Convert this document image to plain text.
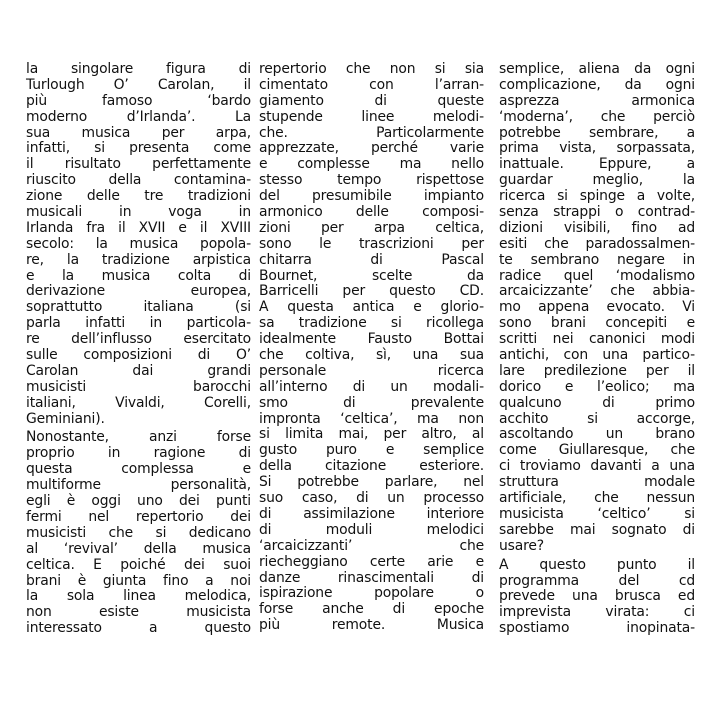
la singolare figura di
Turlough O’ Carolan, il
più famoso ‘bardo
moderno d’Irlanda’. La
sua musica per arpa,
infatti, si presenta come
il risultato perfettamente
riuscito della contamina-
zione delle tre tradizioni
musicali in voga in
Irlanda fra il XVII e il XVIII
secolo: la musica popola-
re, la tradizione arpistica
e la musica colta di
derivazione europea,
soprattutto italiana (si
parla infatti in particola-
re dell’influsso esercitato
sulle composizioni di O’
Carolan dai grandi
musicisti barocchi
italiani, Vivaldi, Corelli,
Geminiani).
Nonostante, anzi forse
proprio in ragione di
questa complessa e
multiforme personalità,
egli è oggi uno dei punti
fermi nel repertorio dei
musicisti che si dedicano
al ‘revival’ della musica
celtica. E poiché dei suoi
brani è giunta fino a noi
la sola linea melodica,
non esiste musicista
interessato a questo
repertorio che non si sia
cimentato con l’arran-
giamento di queste
stupende linee melodi-
che. Particolarmente
apprezzate, perché varie
e complesse ma nello
stesso tempo rispettose
del presumibile impianto
armonico delle composi-
zioni per arpa celtica,
sono le trascrizioni per
chitarra di Pascal
Bournet, scelte da
Barricelli per questo CD.
A questa antica e glorio-
sa tradizione si ricollega
idealmente Fausto Bottai
che coltiva, sì, una sua
personale ricerca
all’interno di un modali-
smo di prevalente
impronta ‘celtica’, ma non
si limita mai, per altro, al
gusto puro e semplice
della citazione esteriore.
Si potrebbe parlare, nel
suo caso, di un processo
di assimilazione interiore
di moduli melodici
‘arcaicizzanti’ che
riecheggiano certe arie e
danze rinascimentali di
ispirazione popolare o
forse anche di epoche
più remote. Musica
semplice, aliena da ogni
complicazione, da ogni
asprezza armonica
‘moderna’, che perciò
potrebbe sembrare, a
prima vista, sorpassata,
inattuale. Eppure, a
guardar meglio, la
ricerca si spinge a volte,
senza strappi o contrad-
dizioni visibili, fino ad
esiti che paradossalmen-
te sembrano negare in
radice quel ‘modalismo
arcaicizzante’ che abbia-
mo appena evocato. Vi
sono brani concepiti e
scritti nei canonici modi
antichi, con una partico-
lare predilezione per il
dorico e l’eolico; ma
qualcuno di primo
acchito si accorge,
ascoltando un brano
come Giullaresque, che
ci troviamo davanti a una
struttura modale
artificiale, che nessun
musicista ‘celtico’ si
sarebbe mai sognato di
usare?
A questo punto il
programma del cd
prevede una brusca ed
imprevista virata: ci
spostiamo inopinata-
